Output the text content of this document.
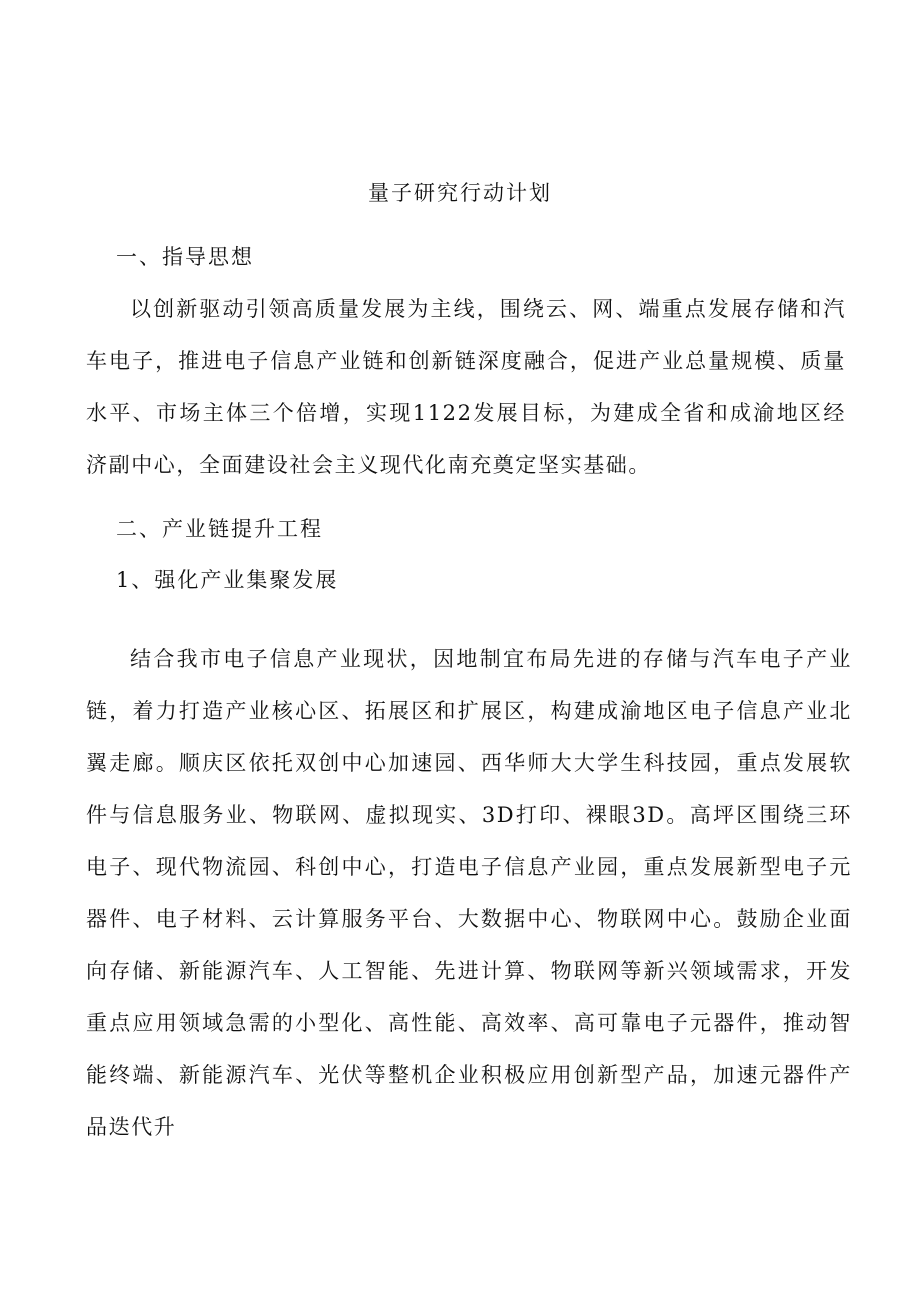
量子研究行动计划
一、指导思想

以创新驱动引领高质量发展为主线，围绕云、网、端重点发展存储和汽车电子，推进电子信息产业链和创新链深度融合，促进产业总量规模、质量水平、市场主体三个倍增，实现1122发展目标，为建成全省和成渝地区经济副中心，全面建设社会主义现代化南充奠定坚实基础。

二、产业链提升工程
1、强化产业集聚发展

结合我市电子信息产业现状，因地制宜布局先进的存储与汽车电子产业链，着力打造产业核心区、拓展区和扩展区，构建成渝地区电子信息产业北翼走廊。顺庆区依托双创中心加速园、西华师大大学生科技园，重点发展软件与信息服务业、物联网、虚拟现实、3D打印、裸眼3D。高坪区围绕三环电子、现代物流园、科创中心，打造电子信息产业园，重点发展新型电子元器件、电子材料、云计算服务平台、大数据中心、物联网中心。鼓励企业面向存储、新能源汽车、人工智能、先进计算、物联网等新兴领域需求，开发重点应用领域急需的小型化、高性能、高效率、高可靠电子元器件，推动智能终端、新能源汽车、光伏等整机企业积极应用创新型产品，加速元器件产品迭代升
